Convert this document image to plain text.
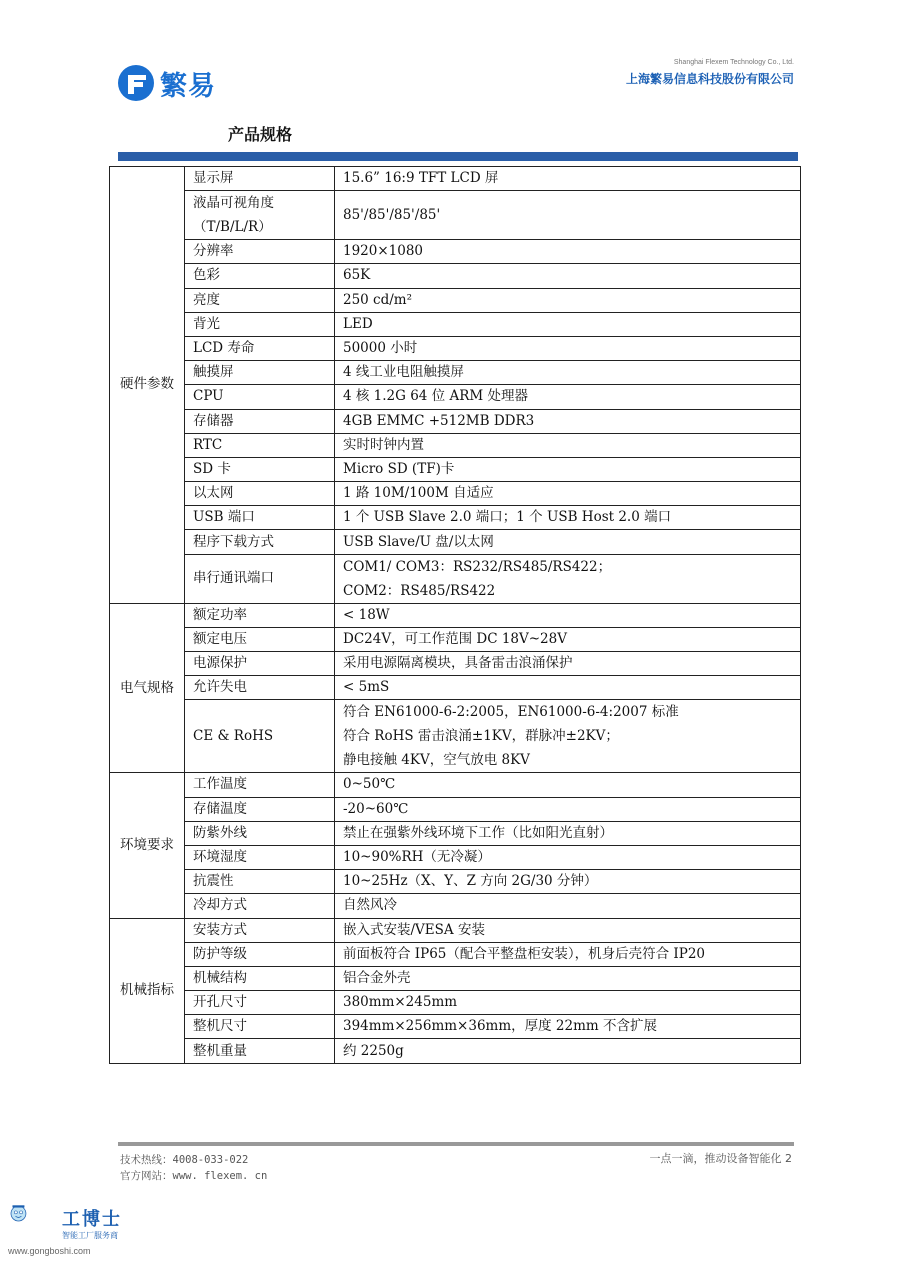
繁易
Shanghai Flexem Technology Co., Ltd.
上海繁易信息科技股份有限公司
产品规格
硬件参数	显示屏	15.6” 16:9 TFT LCD 屏

	液晶可视角度
（T/B/L/R）	85'/85'/85'/85'
	分辨率	1920×1080
	色彩	65K
	亮度	250 cd/m²
	背光	LED
	LCD 寿命	50000 小时
	触摸屏	4 线工业电阻触摸屏
	CPU	4 核 1.2G 64 位 ARM 处理器
	存储器	4GB EMMC +512MB DDR3
	RTC	实时时钟内置
	SD 卡	Micro SD (TF)卡
	以太网	1 路 10M/100M 自适应
	USB 端口	1 个 USB Slave 2.0 端口；1 个 USB Host 2.0 端口
	程序下载方式	USB Slave/U 盘/以太网
	串行通讯端口	COM1/ COM3：RS232/RS485/RS422；
COM2：RS485/RS422

电气规格	额定功率	< 18W
	额定电压	DC24V，可工作范围 DC 18V~28V
	电源保护	采用电源隔离模块，具备雷击浪涌保护
	允许失电	< 5mS
	CE & RoHS	符合 EN61000-6-2:2005，EN61000-6-4:2007 标准
符合 RoHS 雷击浪涌±1KV，群脉冲±2KV；
静电接触 4KV，空气放电 8KV

环境要求	工作温度	0~50℃
	存储温度	-20~60℃
	防紫外线	禁止在强紫外线环境下工作（比如阳光直射）
	环境湿度	10~90%RH（无冷凝）
	抗震性	10~25Hz（X、Y、Z 方向 2G/30 分钟）
	冷却方式	自然风冷
机械指标	安装方式	嵌入式安装/VESA 安装
	防护等级	前面板符合 IP65（配合平整盘柜安装），机身后壳符合 IP20
	机械结构	铝合金外壳
	开孔尺寸	380mm×245mm
	整机尺寸	394mm×256mm×36mm，厚度 22mm 不含扩展
	整机重量	约 2250g
技术热线：4008-033-022
官方网站：www. flexem. cn
一点一滴，推动设备智能化 2
工博士
智能工厂服务商
www.gongboshi.com
